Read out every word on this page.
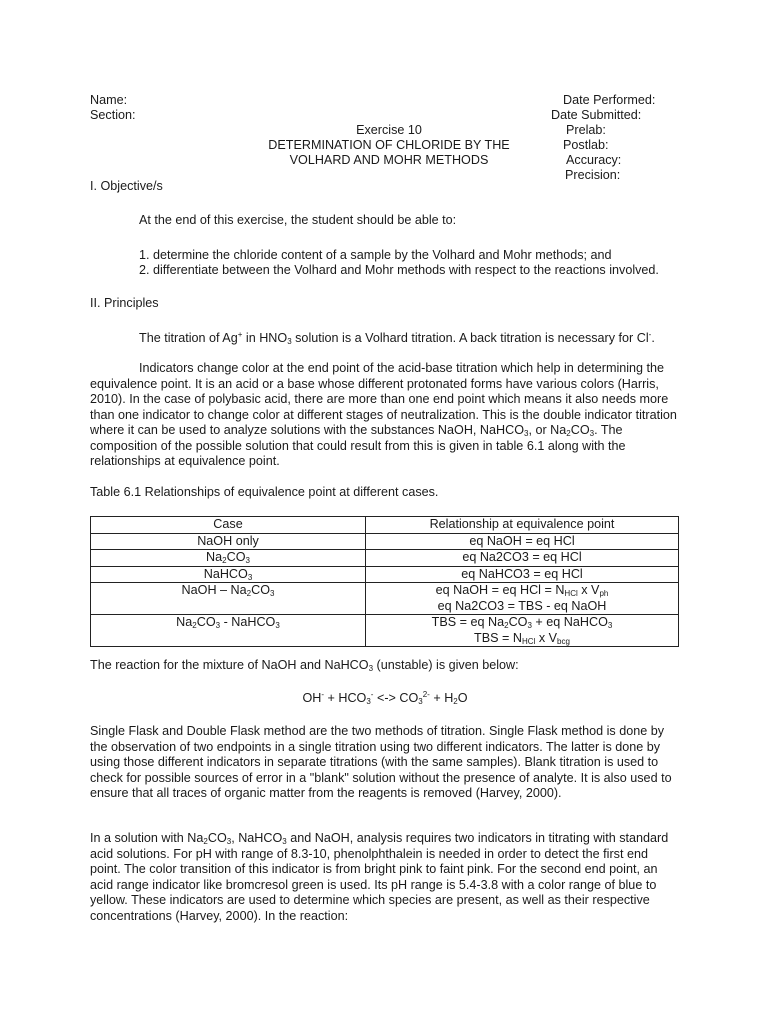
Name:
Section:
Date Performed:
Date Submitted:
Prelab:
Postlab:
Accuracy:
Precision:
Exercise 10
DETERMINATION OF CHLORIDE BY THE
VOLHARD AND MOHR METHODS
I. Objective/s
At the end of this exercise, the student should be able to:
1. determine the chloride content of a sample by the Volhard and Mohr methods; and
2. differentiate between the Volhard and Mohr methods with respect to the reactions involved.
II. Principles
The titration of Ag+ in $HNO_3$ solution is a Volhard titration. A back titration is necessary for Cl-.
Indicators change color at the end point of the acid-base titration which help in determining the equivalence point. It is an acid or a base whose different protonated forms have various colors (Harris, 2010). In the case of polybasic acid, there are more than one end point which means it also needs more than one indicator to change color at different stages of neutralization. This is the double indicator titration where it can be used to analyze solutions with the substances NaOH, NaHCO$_3$, or $Na_2CO_3$. The composition of the possible solution that could result from this is given in table 6.1 along with the relationships at equivalence point.
Table 6.1 Relationships of equivalence point at different cases.
Case	Relationship at equivalence point
NaOH only	eq NaOH = eq HCl
$Na_2CO_3$	eq Na2CO3 = eq HCl
NaHCO$_3$	eq NaHCO3 = eq HCl
NaOH – $Na_2CO_3$	eq NaOH = eq HCl = $N_{HCl}$ x $V_{ph}$
eq Na2CO3 = TBS - eq NaOH

$Na_2CO_3$ - NaHCO$_3$	TBS = eq $Na_2CO_3$ + eq NaHCO$_3$
TBS = $N_{HCl}$ x $V_{bcg}$
The reaction for the mixture of NaOH and NaHCO$_3$ (unstable) is given below:
$OH^- + HCO_3^-$ <-> $CO_3^{2-} + H_2O$
Single Flask and Double Flask method are the two methods of titration. Single Flask method is done by the observation of two endpoints in a single titration using two different indicators. The latter is done by using those different indicators in separate titrations (with the same samples). Blank titration is used to check for possible sources of error in a "blank" solution without the presence of analyte. It is also used to ensure that all traces of organic matter from the reagents is removed (Harvey, 2000).
In a solution with $Na_2CO_3$, NaHCO$_3$ and NaOH, analysis requires two indicators in titrating with standard acid solutions. For pH with range of 8.3-10, phenolphthalein is needed in order to detect the first end point. The color transition of this indicator is from bright pink to faint pink. For the second end point, an acid range indicator like bromcresol green is used. Its pH range is 5.4-3.8 with a color range of blue to yellow. These indicators are used to determine which species are present, as well as their respective concentrations (Harvey, 2000). In the reaction:
